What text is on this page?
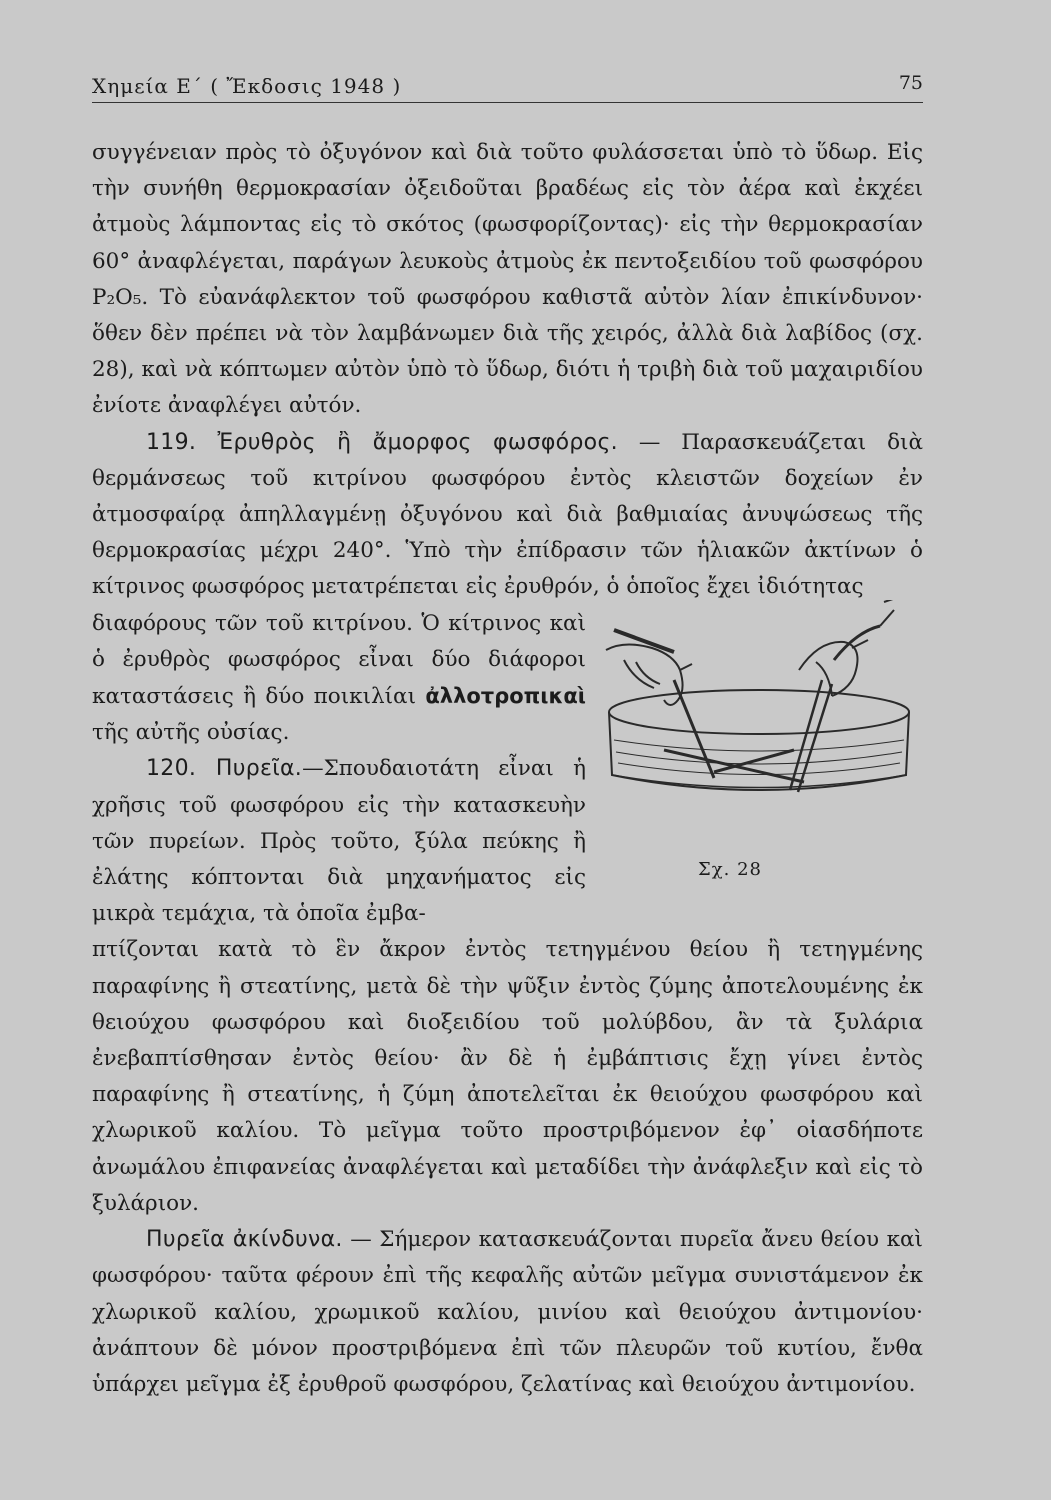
Χημεία Ε΄ ( Ἔκδοσις 1948 )	75

συγγένειαν πρὸς τὸ ὀξυγόνον καὶ διὰ τοῦτο φυλάσσεται ὑπὸ τὸ ὕδωρ. Εἰς τὴν συνήθη θερμοκρασίαν ὀξειδοῦται βραδέως εἰς τὸν ἀέρα καὶ ἐκχέει ἀτμοὺς λάμποντας εἰς τὸ σκότος (φωσφορίζοντας)· εἰς τὴν θερμοκρασίαν 60° ἀναφλέγεται, παράγων λευκοὺς ἀτμοὺς ἐκ πεντοξειδίου τοῦ φωσφόρου P₂O₅. Τὸ εὐανάφλεκτον τοῦ φωσφόρου καθιστᾶ αὐτὸν λίαν ἐπικίνδυνον· ὅθεν δὲν πρέπει νὰ τὸν λαμβάνωμεν διὰ τῆς χειρός, ἀλλὰ διὰ λαβίδος (σχ. 28), καὶ νὰ κόπτωμεν αὐτὸν ὑπὸ τὸ ὕδωρ, διότι ἡ τριβὴ διὰ τοῦ μαχαιριδίου ἐνίοτε ἀναφλέγει αὐτόν.

119. Ἐρυθρὸς ἢ ἄμορφος φωσφόρος. — Παρασκευάζεται διὰ θερμάνσεως τοῦ κιτρίνου φωσφόρου ἐντὸς κλειστῶν δοχείων ἐν ἀτμοσφαίρᾳ ἀπηλλαγμένῃ ὀξυγόνου καὶ διὰ βαθμιαίας ἀνυψώσεως τῆς θερμοκρασίας μέχρι 240°. Ὑπὸ τὴν ἐπίδρασιν τῶν ἡλιακῶν ἀκτίνων ὁ κίτρινος φωσφόρος μετατρέπεται εἰς ἐρυθρόν, ὁ ὁποῖος ἔχει ἰδιότητας

διαφόρους τῶν τοῦ κιτρίνου. Ὁ κίτρινος καὶ ὁ ἐρυθρὸς φωσφόρος εἶναι δύο διάφοροι καταστάσεις ἢ δύο ποικιλίαι ἀλλοτροπικαὶ τῆς αὐτῆς οὐσίας.

120. Πυρεῖα.—Σπουδαιοτάτη εἶναι ἡ χρῆσις τοῦ φωσφόρου εἰς τὴν κατασκευὴν τῶν πυρείων. Πρὸς τοῦτο, ξύλα πεύκης ἢ ἐλάτης κόπτονται διὰ μηχανήματος εἰς μικρὰ τεμάχια, τὰ ὁποῖα ἐμβα-

Σχ. 28

πτίζονται κατὰ τὸ ἓν ἄκρον ἐντὸς τετηγμένου θείου ἢ τετηγμένης παραφίνης ἢ στεατίνης, μετὰ δὲ τὴν ψῦξιν ἐντὸς ζύμης ἀποτελουμένης ἐκ θειούχου φωσφόρου καὶ διοξειδίου τοῦ μολύβδου, ἂν τὰ ξυλάρια ἐνεβαπτίσθησαν ἐντὸς θείου· ἂν δὲ ἡ ἐμβάπτισις ἔχῃ γίνει ἐντὸς παραφίνης ἢ στεατίνης, ἡ ζύμη ἀποτελεῖται ἐκ θειούχου φωσφόρου καὶ χλωρικοῦ καλίου. Τὸ μεῖγμα τοῦτο προστριβόμενον ἐφ᾽ οἱασδήποτε ἀνωμάλου ἐπιφανείας ἀναφλέγεται καὶ μεταδίδει τὴν ἀνάφλεξιν καὶ εἰς τὸ ξυλάριον.

Πυρεῖα ἀκίνδυνα. — Σήμερον κατασκευάζονται πυρεῖα ἄνευ θείου καὶ φωσφόρου· ταῦτα φέρουν ἐπὶ τῆς κεφαλῆς αὐτῶν μεῖγμα συνιστάμενον ἐκ χλωρικοῦ καλίου, χρωμικοῦ καλίου, μινίου καὶ θειούχου ἀντιμονίου· ἀνάπτουν δὲ μόνον προστριβόμενα ἐπὶ τῶν πλευρῶν τοῦ κυτίου, ἔνθα ὑπάρχει μεῖγμα ἐξ ἐρυθροῦ φωσφόρου, ζελατίνας καὶ θειούχου ἀντιμονίου.
